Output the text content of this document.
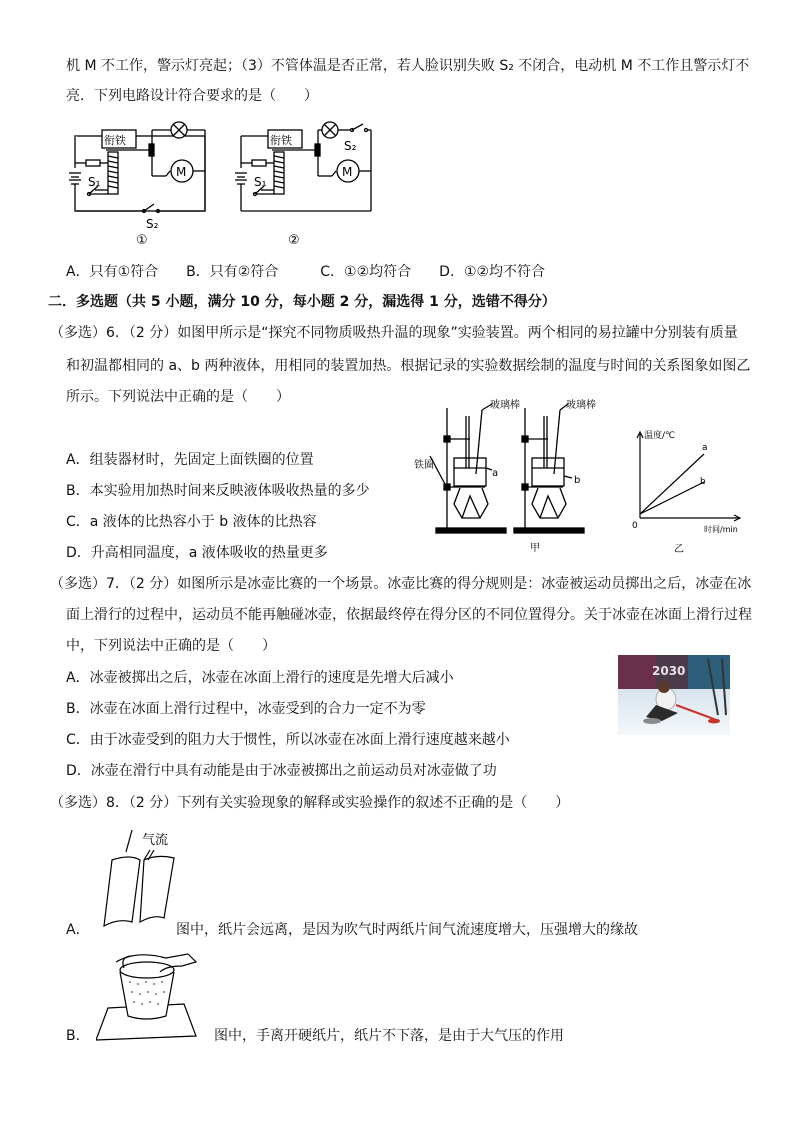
机 M 不工作，警示灯亮起；（3）不管体温是否正常，若人脸识别失败 S₂ 不闭合，电动机 M 不工作且警示灯不
亮．下列电路设计符合要求的是（　　）
衔铁
M
S₁
S₂
①
衔铁
M
S₁
S₂
②
A．只有①符合　　B．只有②符合　　　C．①②均符合　　D．①②均不符合
二．多选题（共 5 小题，满分 10 分，每小题 2 分，漏选得 1 分，选错不得分）
（多选）6．（2 分）如图甲所示是“探究不同物质吸热升温的现象”实验装置。两个相同的易拉罐中分别装有质量
和初温都相同的 a、b 两种液体，用相同的装置加热。根据记录的实验数据绘制的温度与时间的关系图象如图乙
所示。下列说法中正确的是（　　）
A．组装器材时，先固定上面铁圈的位置
B．本实验用加热时间来反映液体吸收热量的多少
C．a 液体的比热容小于 b 液体的比热容
D．升高相同温度，a 液体吸收的热量更多
玻璃棒	玻璃棒
铁圈
a
b
甲
温度/℃
时间/min
0
a
b
乙
（多选）7．（2 分）如图所示是冰壶比赛的一个场景。冰壶比赛的得分规则是：冰壶被运动员掷出之后，冰壶在冰
面上滑行的过程中，运动员不能再触碰冰壶，依据最终停在得分区的不同位置得分。关于冰壶在冰面上滑行过程
中，下列说法中正确的是（　　）
A．冰壶被掷出之后，冰壶在冰面上滑行的速度是先增大后减小
B．冰壶在冰面上滑行过程中，冰壶受到的合力一定不为零
C．由于冰壶受到的阻力大于惯性，所以冰壶在冰面上滑行速度越来越小
D．冰壶在滑行中具有动能是由于冰壶被掷出之前运动员对冰壶做了功
2030
（多选）8．（2 分）下列有关实验现象的解释或实验操作的叙述不正确的是（　　）
气流
A．	图中，纸片会远离，是因为吹气时两纸片间气流速度增大，压强增大的缘故
B．	图中，手离开硬纸片，纸片不下落，是由于大气压的作用
